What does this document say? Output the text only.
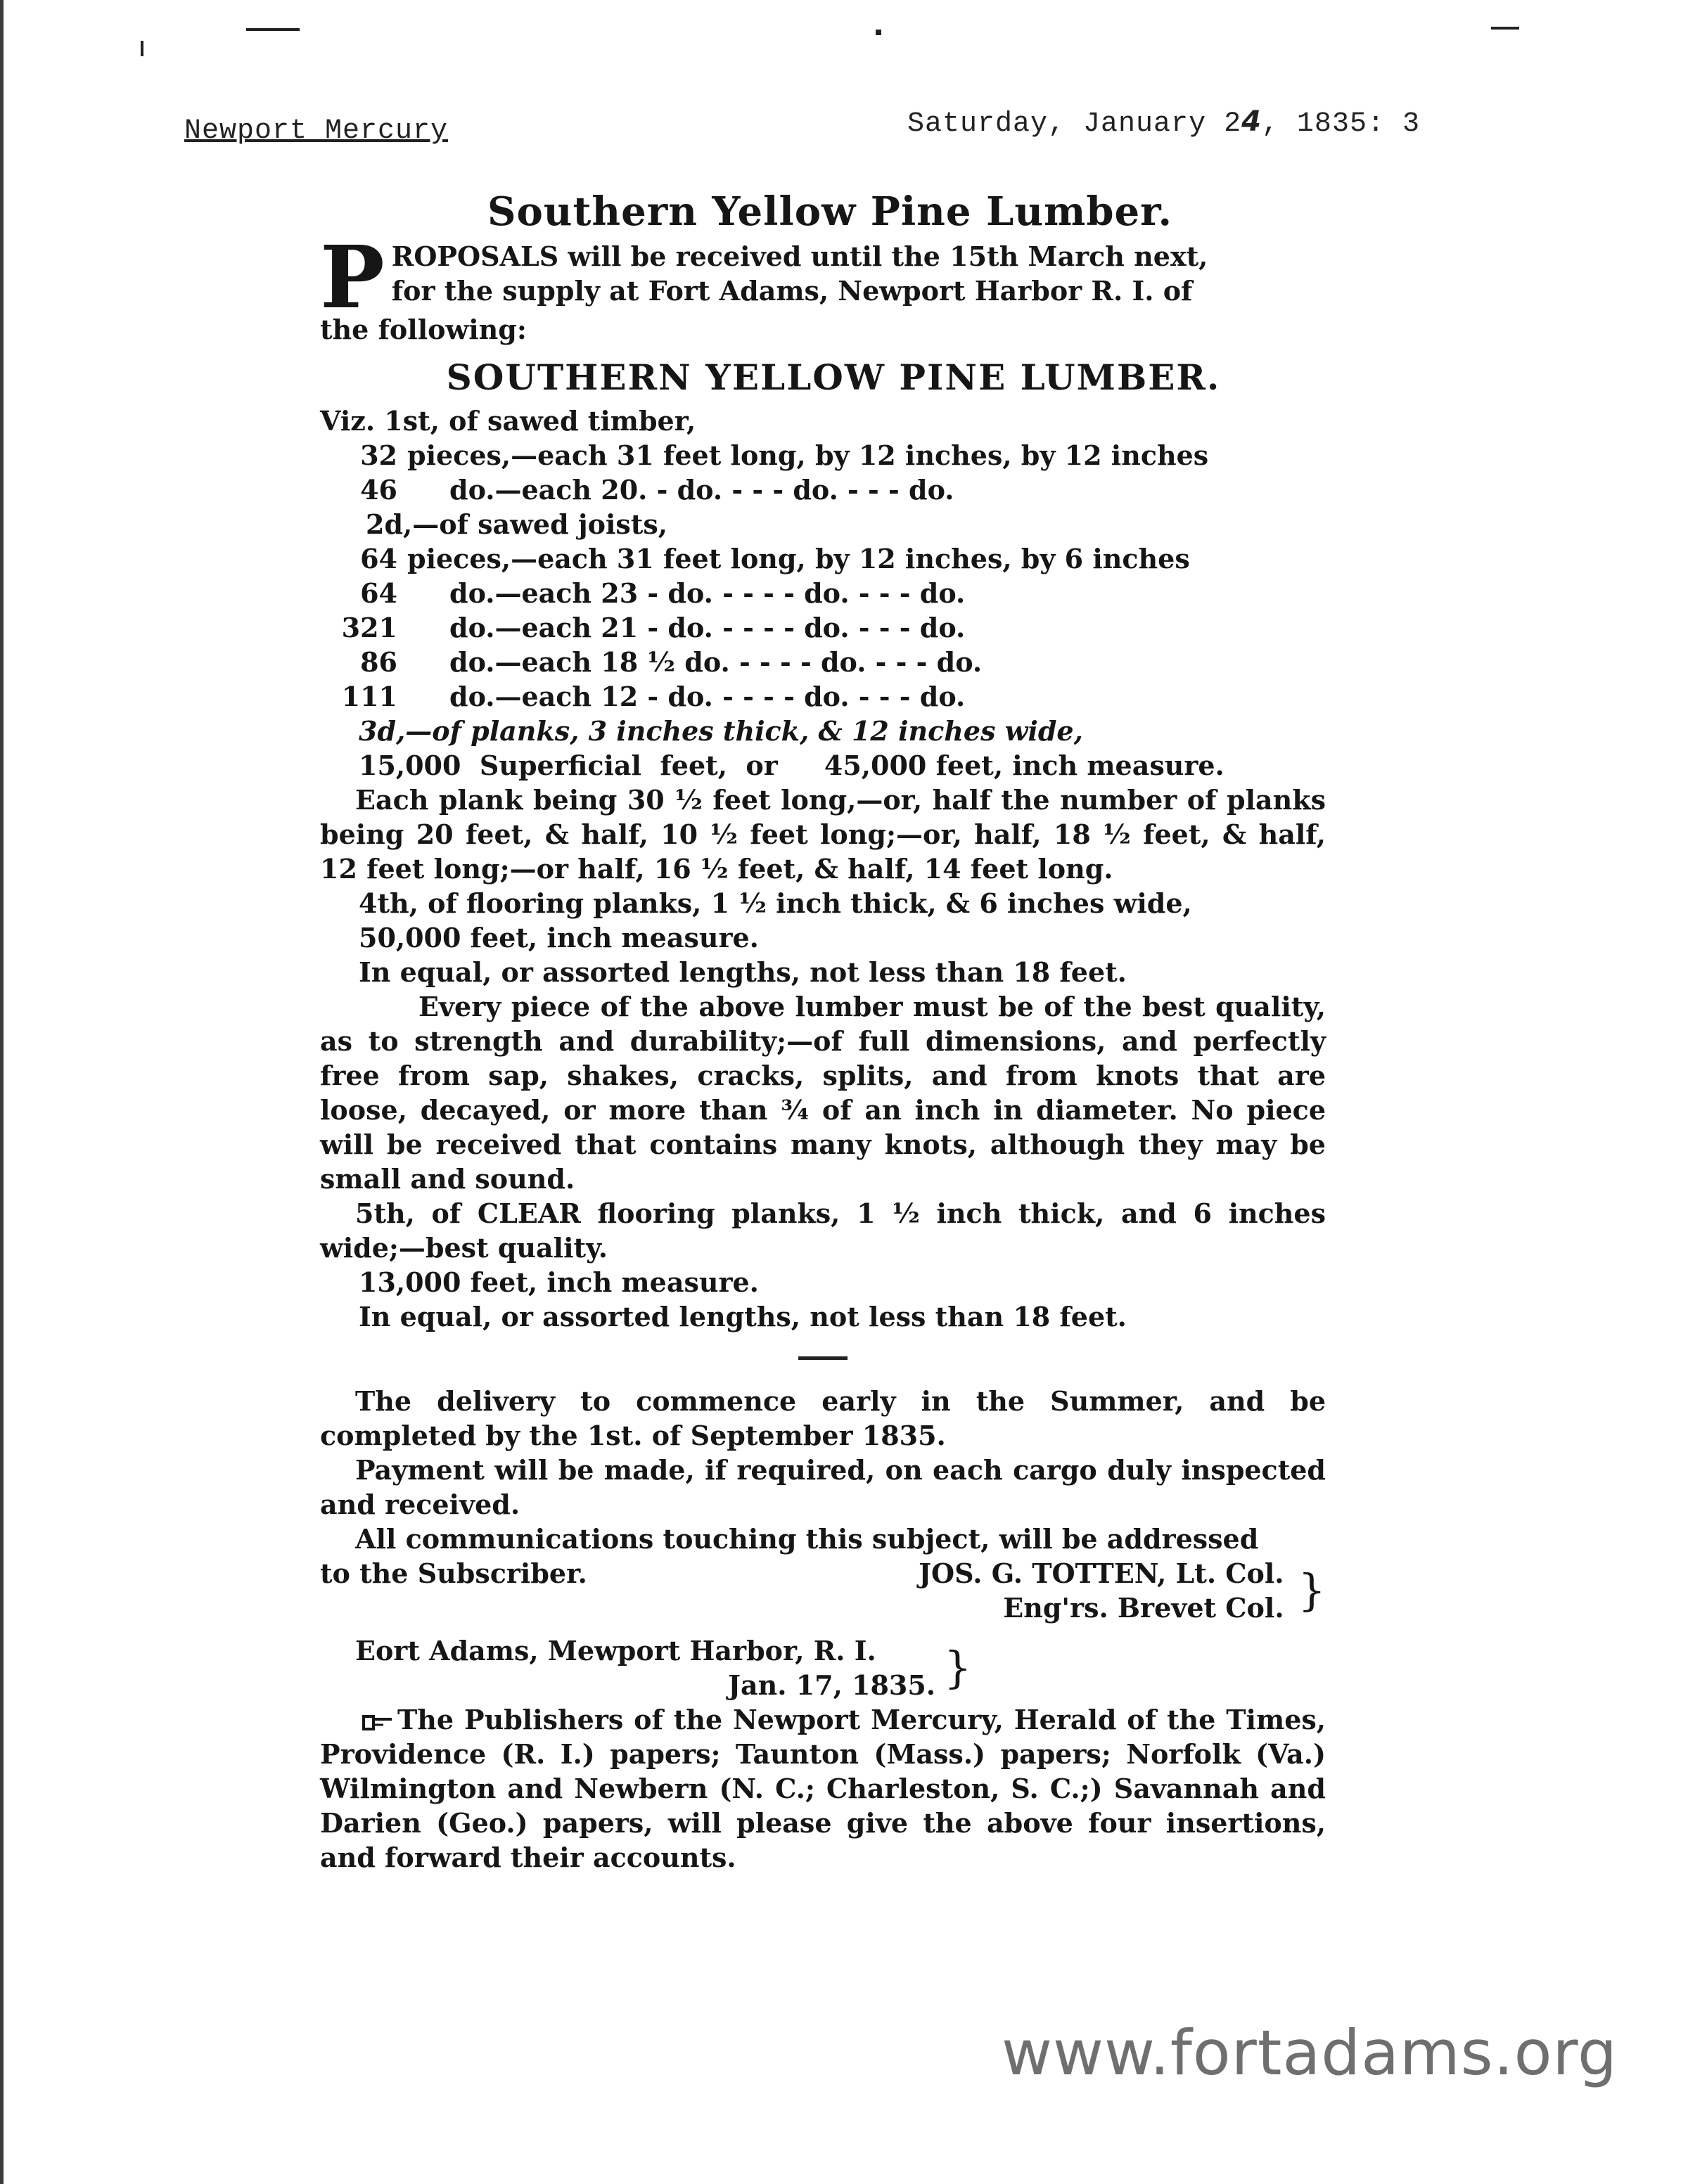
Newport Mercury	Saturday, January 24, 1835: 3
Southern Yellow Pine Lumber.
P ROPOSALS will be received until the 15th March next,
for the supply at Fort Adams, Newport Harbor R. I. of
the following:
SOUTHERN YELLOW PINE LUMBER.
Viz. 1st, of sawed timber,
32 pieces,—each 31 feet long, by 12 inches, by 12 inches
46	do.—each 20. - do. - - - do. - - - do.
2d,—of sawed joists,
64 pieces,—each 31 feet long, by 12 inches, by 6 inches
64	do.—each 23 - do. - - - - do. - - - do.
321	do.—each 21 - do. - - - - do. - - - do.
86	do.—each 18 ½ do. - - - - do. - - - do.
111	do.—each 12 - do. - - - - do. - - - do.
3d,—of planks, 3 inches thick, & 12 inches wide,
15,000  Superficial  feet,  or     45,000 feet, inch measure.
Each plank being 30 ½ feet long,—or, half the number of planks being 20 feet, & half, 10 ½ feet long;—or, half, 18 ½ feet, & half, 12 feet long;—or half, 16 ½ feet, & half, 14 feet long.
4th, of flooring planks, 1 ½ inch thick, & 6 inches wide,
50,000 feet, inch measure.
In equal, or assorted lengths, not less than 18 feet.
Every piece of the above lumber must be of the best quality, as to strength and durability;—of full dimensions, and perfectly free from sap, shakes, cracks, splits, and from knots that are loose, decayed, or more than ¾ of an inch in diameter. No piece will be received that contains many knots, although they may be small and sound.
5th, of CLEAR flooring planks, 1 ½ inch thick, and 6 inches wide;—best quality.
13,000 feet, inch measure.
In equal, or assorted lengths, not less than 18 feet.
The delivery to commence early in the Summer, and be completed by the 1st. of September 1835.
Payment will be made, if required, on each cargo duly inspected and received.
All communications touching this subject, will be addressed
to the Subscriber.	JOS. G. TOTTEN, Lt. Col.
Eng'rs. Brevet Col. }
Eort Adams, Mewport Harbor, R. I.
Jan. 17, 1835. }
The Publishers of the Newport Mercury, Herald of the Times, Providence (R. I.) papers; Taunton (Mass.) papers; Norfolk (Va.) Wilmington and Newbern (N. C.; Charleston, S. C.;) Savannah and Darien (Geo.) papers, will please give the above four insertions, and forward their accounts.
www.fortadams.org
